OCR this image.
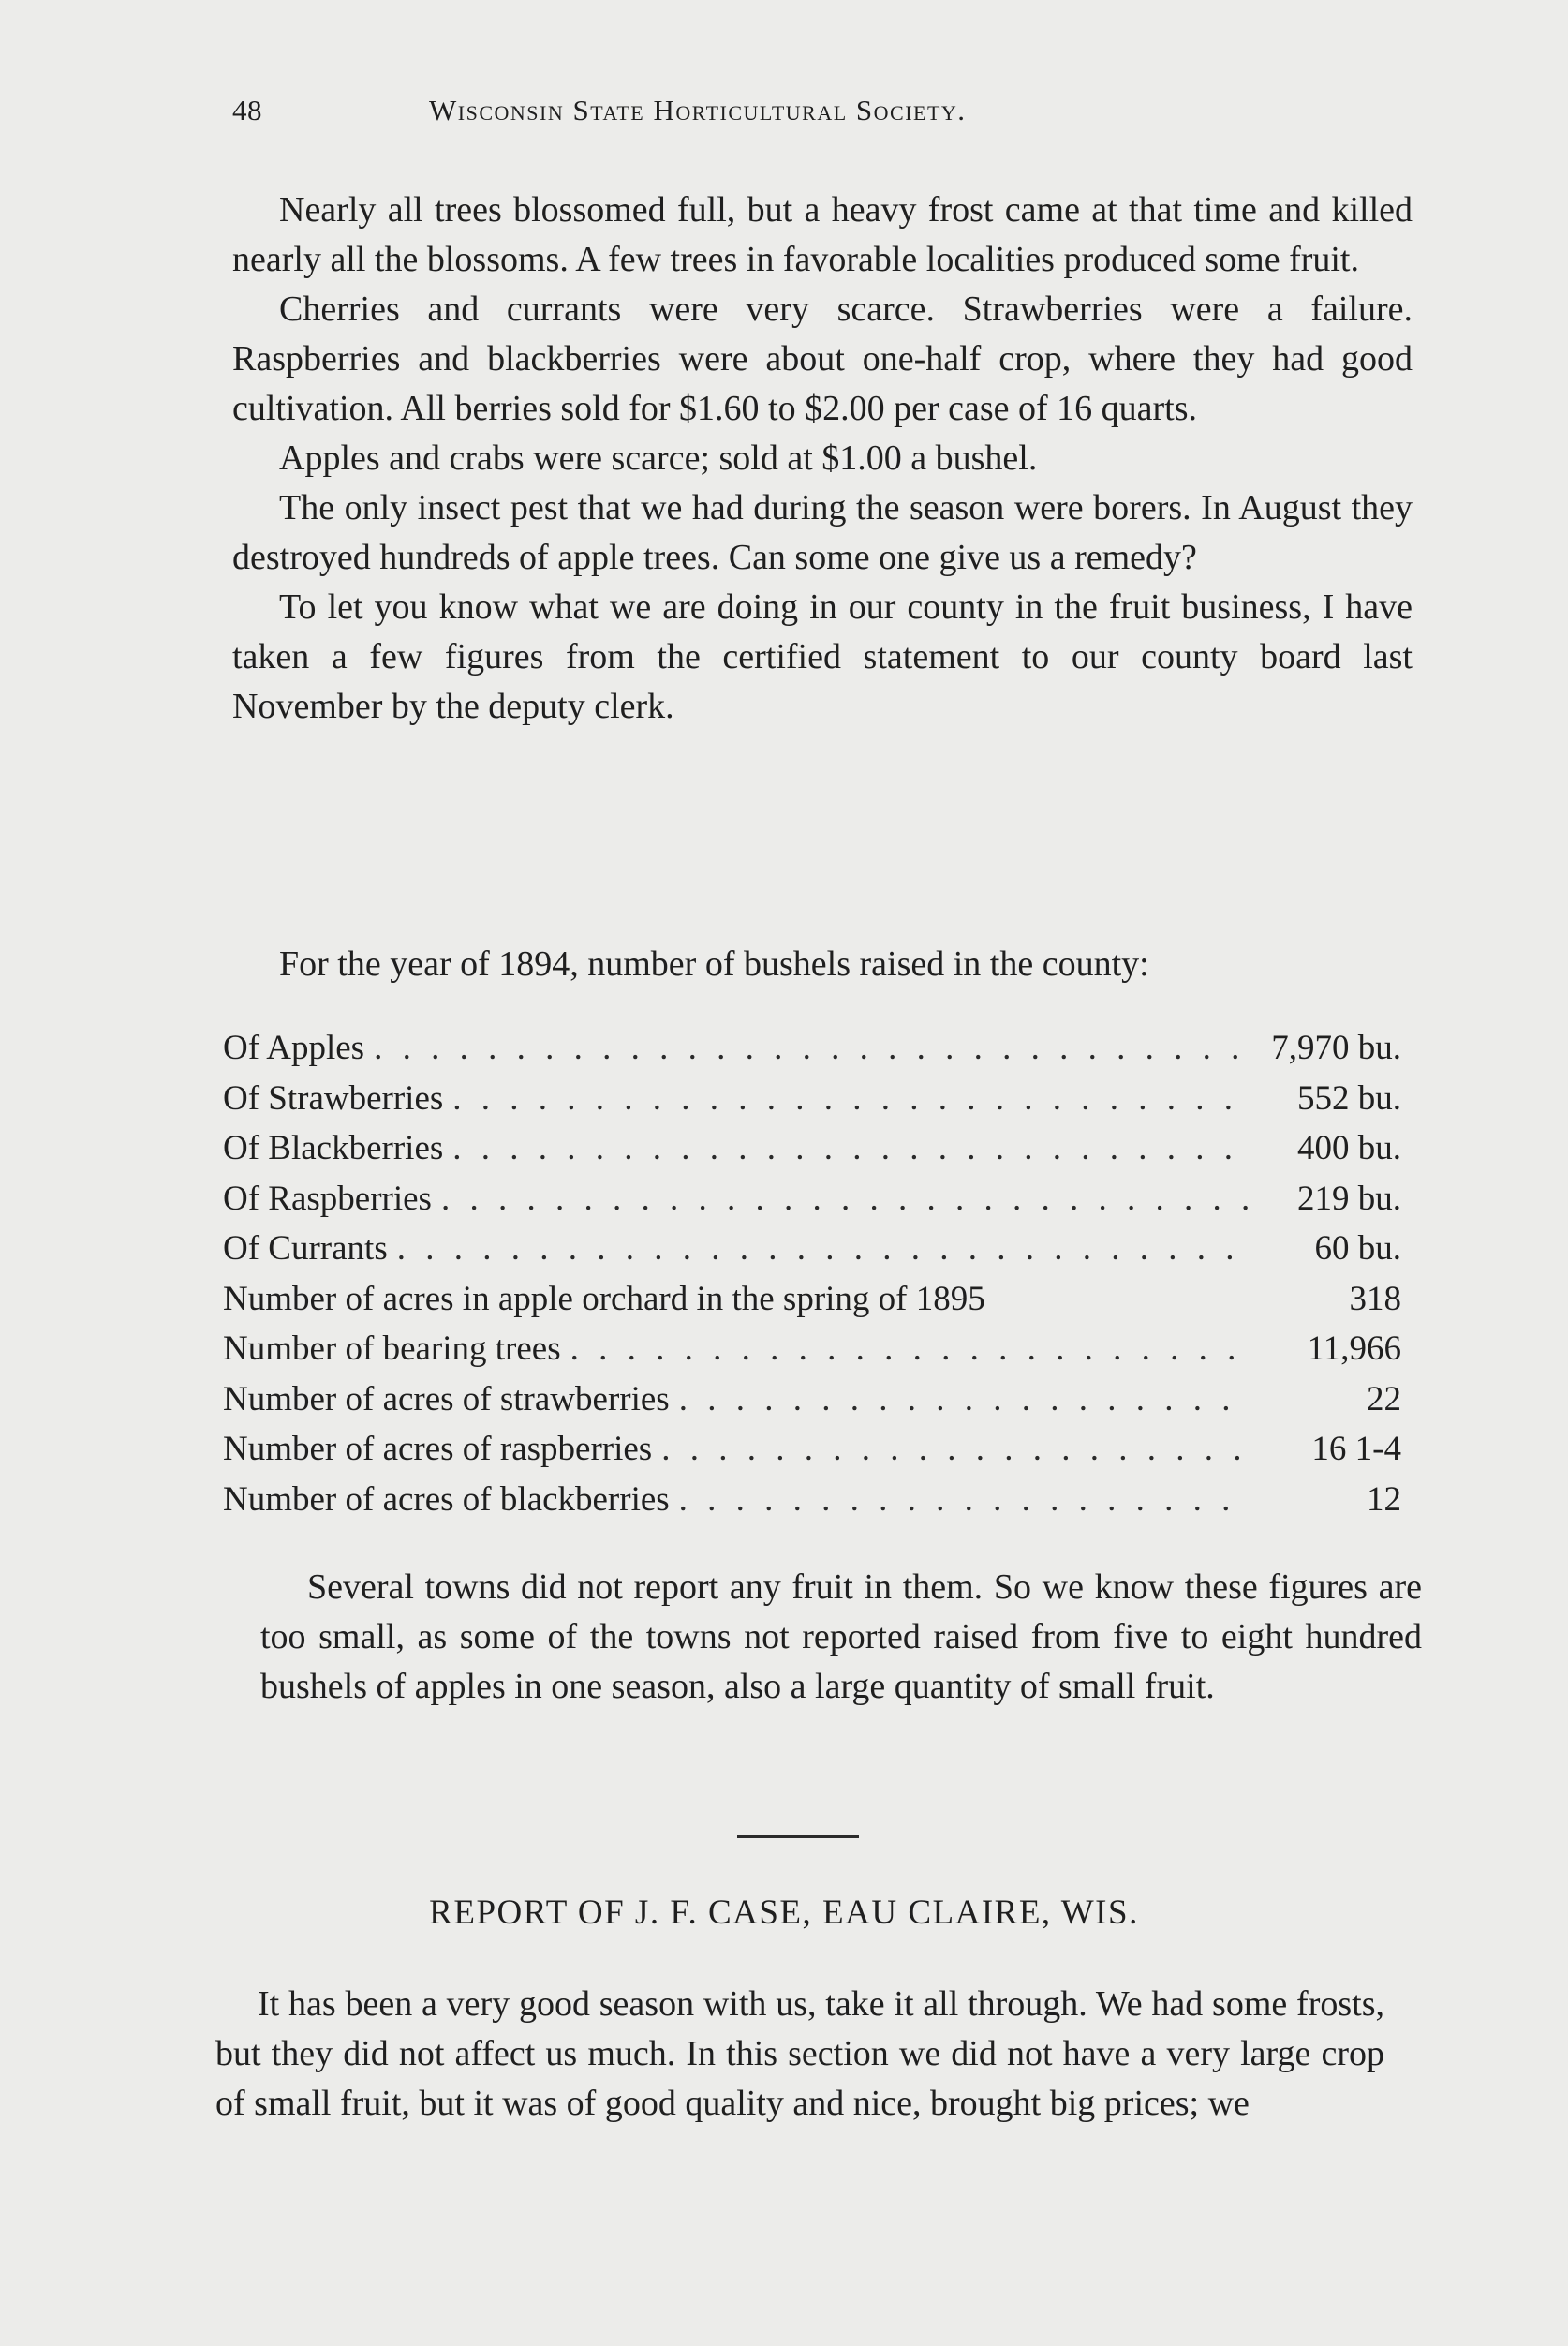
48	Wisconsin State Horticultural Society.

Nearly all trees blossomed full, but a heavy frost came at that time and killed nearly all the blossoms. A few trees in favorable localities produced some fruit.

Cherries and currants were very scarce. Strawberries were a failure. Raspberries and blackberries were about one-half crop, where they had good cultivation. All berries sold for $1.60 to $2.00 per case of 16 quarts.

Apples and crabs were scarce; sold at $1.00 a bushel.

The only insect pest that we had during the season were borers. In August they destroyed hundreds of apple trees. Can some one give us a remedy?

To let you know what we are doing in our county in the fruit business, I have taken a few figures from the certified statement to our county board last November by the deputy clerk.

For the year of 1894, number of bushels raised in the county:

Of Apples . . .	7,970 bu.
Of Strawberries . . .	552 bu.
Of Blackberries . . .	400 bu.
Of Raspberries . . .	219 bu.
Of Currants . . .	60 bu.
Number of acres in apple orchard in the spring of 1895	318
Number of bearing trees . . .	11,966
Number of acres of strawberries . . .	22
Number of acres of raspberries . . .	16 1-4
Number of acres of blackberries . . .	12

Several towns did not report any fruit in them. So we know these figures are too small, as some of the towns not reported raised from five to eight hundred bushels of apples in one season, also a large quantity of small fruit.

REPORT OF J. F. CASE, EAU CLAIRE, WIS.

It has been a very good season with us, take it all through. We had some frosts, but they did not affect us much. In this section we did not have a very large crop of small fruit, but it was of good quality and nice, brought big prices; we
